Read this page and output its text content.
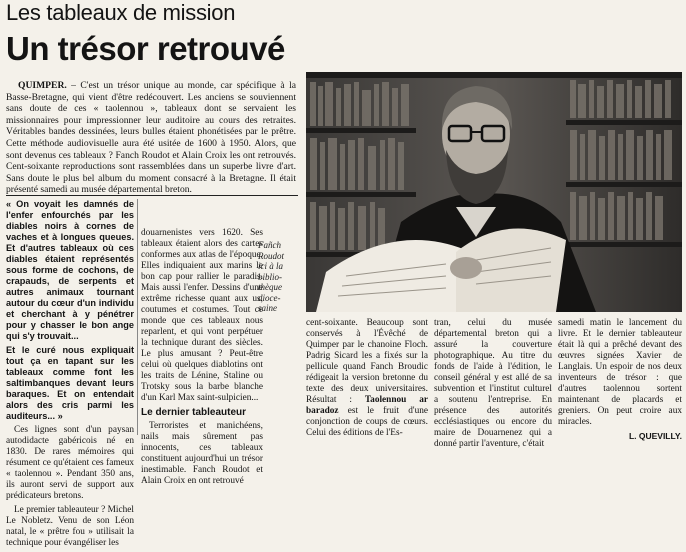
Les tableaux de mission
Un trésor retrouvé
QUIMPER. – C'est un trésor unique au monde, car spécifique à la Basse-Bretagne, qui vient d'être redécouvert. Les anciens se souviennent sans doute de ces « taolennou », tableaux dont se servaient les missionnaires pour impressionner leur auditoire au cours des retraites. Véritables bandes dessinées, leurs bulles étaient phonétisées par le prêtre. Cette méthode audiovisuelle aura été usitée de 1600 à 1950. Alors, que sont devenus ces tableaux ? Fanch Roudot et Alain Croix les ont retrouvés. Cent-soixante reproductions sont rassemblées dans un superbe livre d'art. Sans doute le plus bel album du moment consacré à la Bretagne. Il était présenté samedi au musée départemental breton.

« On voyait les damnés de l'enfer enfourchés par les diables noirs à cornes de vaches et à longues queues. Et d'autres tableaux où ces diables étaient représentés sous forme de cochons, de crapauds, de serpents et autres animaux tournant autour du cœur d'un individu et cherchant à y pénétrer pour y chasser le bon ange qui s'y trouvait...

Et le curé nous expliquait tout ça en tapant sur les tableaux comme font les saltimbanques devant leurs baraques. Et on entendait alors des cris parmi les auditeurs... »

Ces lignes sont d'un paysan autodidacte gabéricois né en 1830. De rares mémoires qui résument ce qu'étaient ces fameux « taolennou ». Pendant 350 ans, ils auront servi de support aux prédicateurs bretons.

Le premier tableauteur ? Michel Le Nobletz. Venu de son Léon natal, le « prêtre fou » utilisait la technique pour évangéliser les

douarnenistes vers 1620. Ses tableaux étaient alors des cartes conformes aux atlas de l'époque. Elles indiquaient aux marins le bon cap pour rallier le paradis. Mais aussi l'enfer. Dessins d'une extrême richesse quant aux us, coutumes et costumes. Tout ce monde que ces tableaux nous reparlent, et qui vont perpétuer la technique durant des siècles. Le plus amusant ? Peut-être celui où quelques diablotins ont les traits de Lénine, Staline ou Trotsky sous la barbe blanche d'un Karl Max saint-sulpicien...

Le dernier tableauteur

Terroristes et manichéens, nails mais sûrement pas innocents, ces tableaux constituent aujourd'hui un trésor inestimable. Fanch Roudot et Alain Croix en ont retrouvé

Fañch
Roudot
ici à la
biblio-
thèque
dioce-
saine

cent-soixante. Beaucoup sont conservés à l'Évêché de Quimper par le chanoine Floch. Padrig Sicard les a fixés sur la pellicule quand Fanch Broudic rédigeait la version bretonne du texte des deux universitaires. Résultat : Taolennou ar baradoz est le fruit d'une conjonction de coups de cœurs. Celui des éditions de l'Es-

tran, celui du musée départemental breton qui a assuré la couverture photographique. Au titre du fonds de l'aide à l'édition, le conseil général y est allé de sa subvention et l'institut culturel a soutenu l'entreprise. En présence des autorités ecclésiastiques ou encore du maire de Douarnenez qui a donné partir l'aventure, c'était

samedi matin le lancement du livre. Et le dernier tableauteur était là qui a prêché devant des œuvres signées Xavier de Langlais. Un espoir de nos deux inventeurs de trésor : que d'autres taolennou sortent maintenant de placards et greniers. On peut croire aux miracles.

L. QUEVILLY.
